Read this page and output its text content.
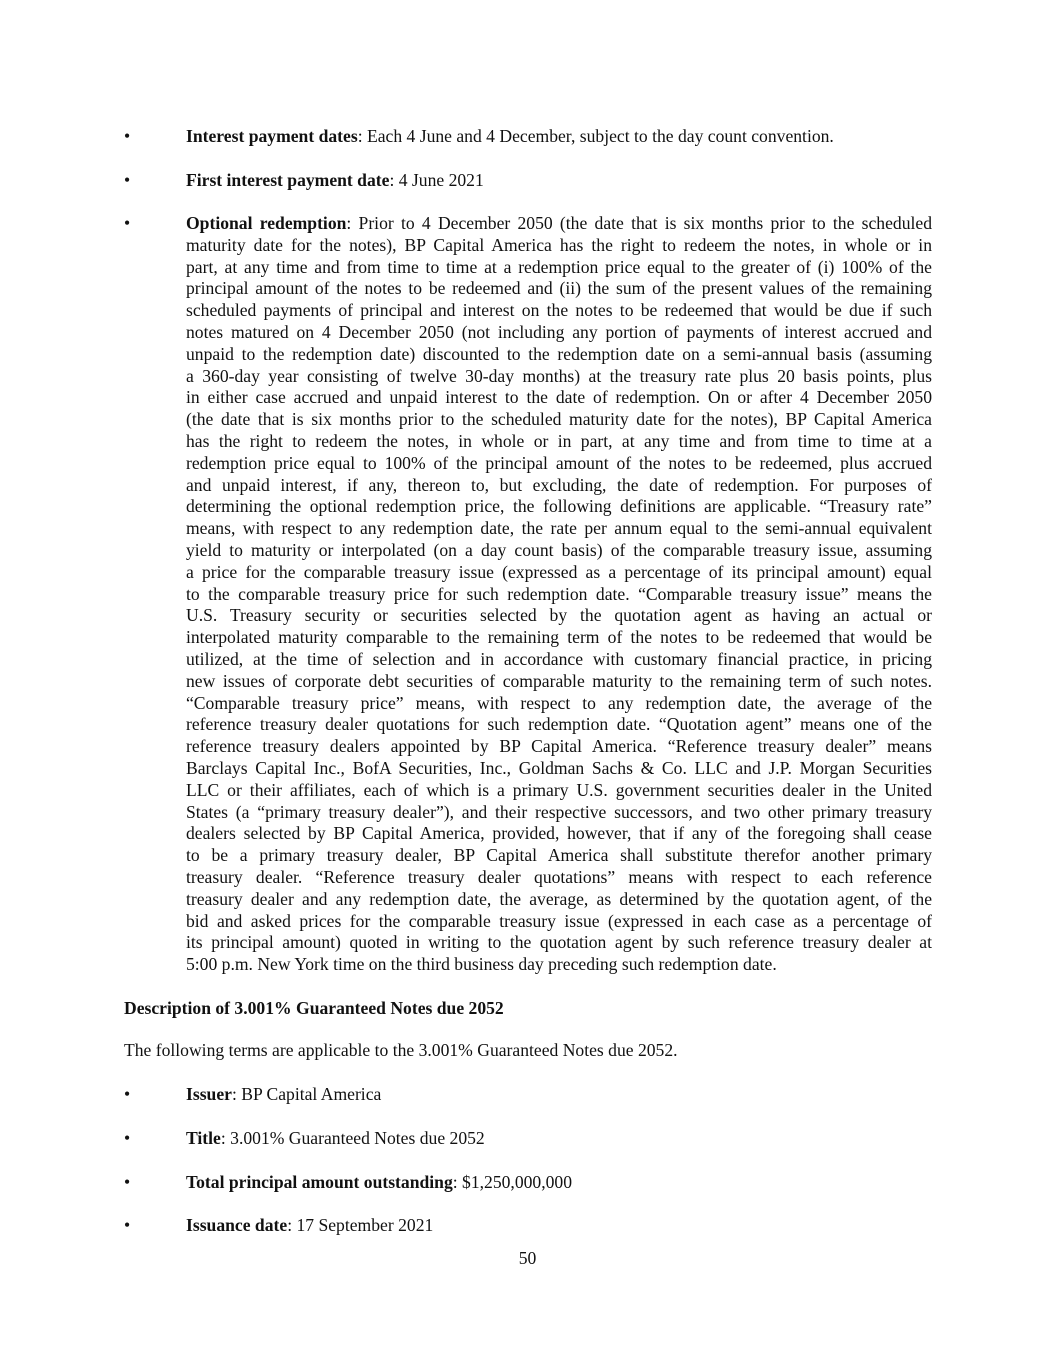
•	Interest payment dates: Each 4 June and 4 December, subject to the day count convention.
•	First interest payment date: 4 June 2021
•	Optional redemption: Prior to 4 December 2050 (the date that is six months prior to the scheduled
maturity date for the notes), BP Capital America has the right to redeem the notes, in whole or in
part, at any time and from time to time at a redemption price equal to the greater of (i) 100% of the
principal amount of the notes to be redeemed and (ii) the sum of the present values of the remaining
scheduled payments of principal and interest on the notes to be redeemed that would be due if such
notes matured on 4 December 2050 (not including any portion of payments of interest accrued and
unpaid to the redemption date) discounted to the redemption date on a semi-annual basis (assuming
a 360-day year consisting of twelve 30-day months) at the treasury rate plus 20 basis points, plus
in either case accrued and unpaid interest to the date of redemption. On or after 4 December 2050
(the date that is six months prior to the scheduled maturity date for the notes), BP Capital America
has the right to redeem the notes, in whole or in part, at any time and from time to time at a
redemption price equal to 100% of the principal amount of the notes to be redeemed, plus accrued
and unpaid interest, if any, thereon to, but excluding, the date of redemption. For purposes of
determining the optional redemption price, the following definitions are applicable. “Treasury rate”
means, with respect to any redemption date, the rate per annum equal to the semi-annual equivalent
yield to maturity or interpolated (on a day count basis) of the comparable treasury issue, assuming
a price for the comparable treasury issue (expressed as a percentage of its principal amount) equal
to the comparable treasury price for such redemption date. “Comparable treasury issue” means the
U.S. Treasury security or securities selected by the quotation agent as having an actual or
interpolated maturity comparable to the remaining term of the notes to be redeemed that would be
utilized, at the time of selection and in accordance with customary financial practice, in pricing
new issues of corporate debt securities of comparable maturity to the remaining term of such notes.
“Comparable treasury price” means, with respect to any redemption date, the average of the
reference treasury dealer quotations for such redemption date. “Quotation agent” means one of the
reference treasury dealers appointed by BP Capital America. “Reference treasury dealer” means
Barclays Capital Inc., BofA Securities, Inc., Goldman Sachs & Co. LLC and J.P. Morgan Securities
LLC or their affiliates, each of which is a primary U.S. government securities dealer in the United
States (a “primary treasury dealer”), and their respective successors, and two other primary treasury
dealers selected by BP Capital America, provided, however, that if any of the foregoing shall cease
to be a primary treasury dealer, BP Capital America shall substitute therefor another primary
treasury dealer. “Reference treasury dealer quotations” means with respect to each reference
treasury dealer and any redemption date, the average, as determined by the quotation agent, of the
bid and asked prices for the comparable treasury issue (expressed in each case as a percentage of
its principal amount) quoted in writing to the quotation agent by such reference treasury dealer at
5:00 p.m. New York time on the third business day preceding such redemption date.
•	Issuer: BP Capital America
•	Title: 3.001% Guaranteed Notes due 2052
•	Total principal amount outstanding: $1,250,000,000
•	Issuance date: 17 September 2021
Description of 3.001% Guaranteed Notes due 2052
The following terms are applicable to the 3.001% Guaranteed Notes due 2052.
50
